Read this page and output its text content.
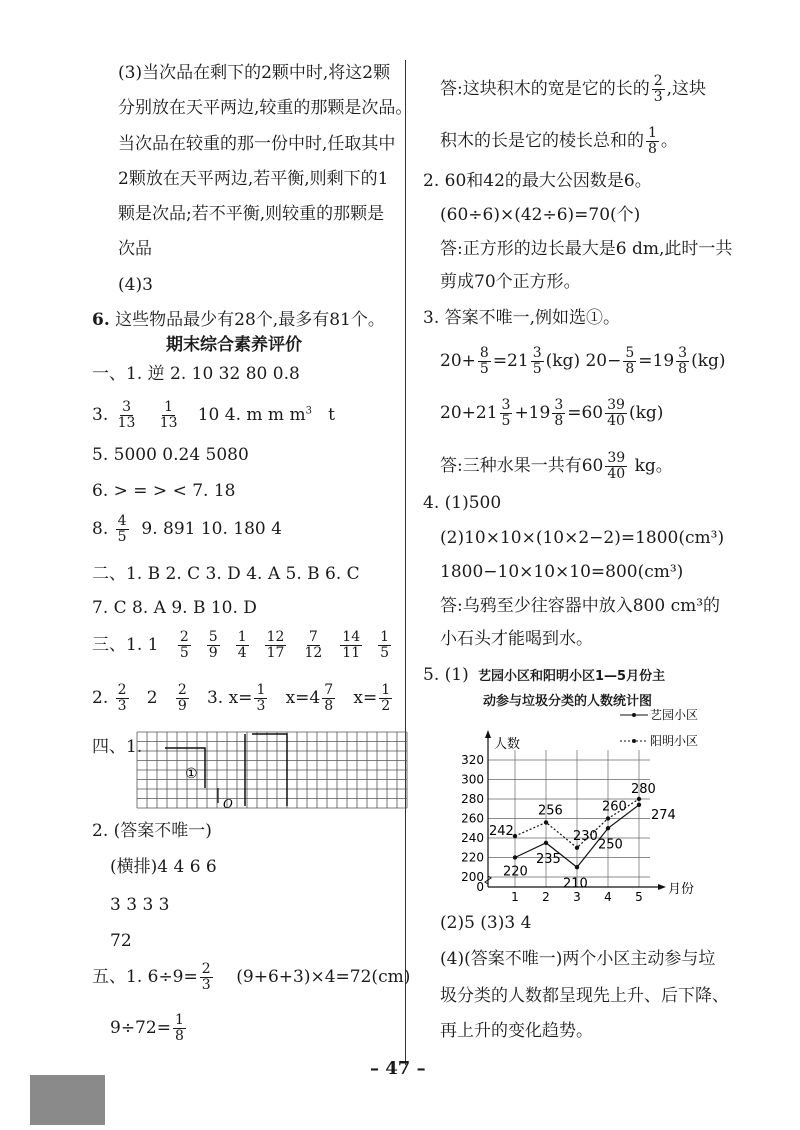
(3)当次品在剩下的2颗中时,将这2颗
分别放在天平两边,较重的那颗是次品。
当次品在较重的那一份中时,任取其中
2颗放在天平两边,若平衡,则剩下的1
颗是次品;若不平衡,则较重的那颗是
次品
(4)3
6. 这些物品最少有28个,最多有81个。
期末综合素养评价
一、1. 逆 2. 10 32 80 0.8
3. $\frac{3}{13}$
$\frac{1}{13} 10$ 4. m m $m^3$ t
5. 5000 0.24 5080
6. > = > < 7. 18
8. $\frac{4}{5} 9$. 891 10. 180 4
二、1. B 2. C 3. D 4. A 5. B 6. C
7. C 8. A 9. B 10. D
三、1. $1 \frac{2}{5} \frac{5}{9} \frac{1}{4} \frac{12}{17} \frac{7}{12} \frac{14}{11} \frac{1}{5}$
2. $\frac{2}{3} 2 \frac{2}{9} 3$. $x= \frac{1}{3} x=4 \frac{7}{8} x= \frac{1}{2}$
四、1.
①
O
2. (答案不唯一)
(横排)4 4 6 6
3 3 3 3
72
五、1. $6\div 9= \frac{2}{3} (9+6+3)\times 4=72(cm)$
$9\div 72= \frac{1}{8}$
答:这块积木的宽是它的长的 $\frac{2}{3}$ ,这块
积木的长是它的棱长总和的 $\frac{1}{8}$ 。
2. 60和42的最大公因数是6。
(60÷6)×(42÷6)=70(个)
答:正方形的边长最大是6 dm,此时一共
剪成70个正方形。
3. 答案不唯一,例如选①。
$20+ \frac{8}{5} =21 \frac{3}{5} (kg)$ $20- \frac{5}{8} =19 \frac{3}{8} (kg)$
$20+21 \frac{3}{5} +19 \frac{3}{8} =60 \frac{39}{40} (kg)$
答:三种水果一共有$60 \frac{39}{40}$ kg。
4. (1)500
(2)10×10×(10×2−2)=1800(cm³)
1800−10×10×10=800(cm³)
答:乌鸦至少往容器中放入800 cm³的
小石头才能喝到水。
5. (1) 艺园小区和阳明小区1—5月份主
动参与垃圾分类的人数统计图
200
220
240
260
280
300
320
1 2 3 4 5
0
人数
月份
艺园小区
阳明小区
220
235
210
250
274
242
256
230
260
280
(2)5 (3)3 4
(4)(答案不唯一)两个小区主动参与垃
圾分类的人数都呈现先上升、后下降、
再上升的变化趋势。
– 47 –
